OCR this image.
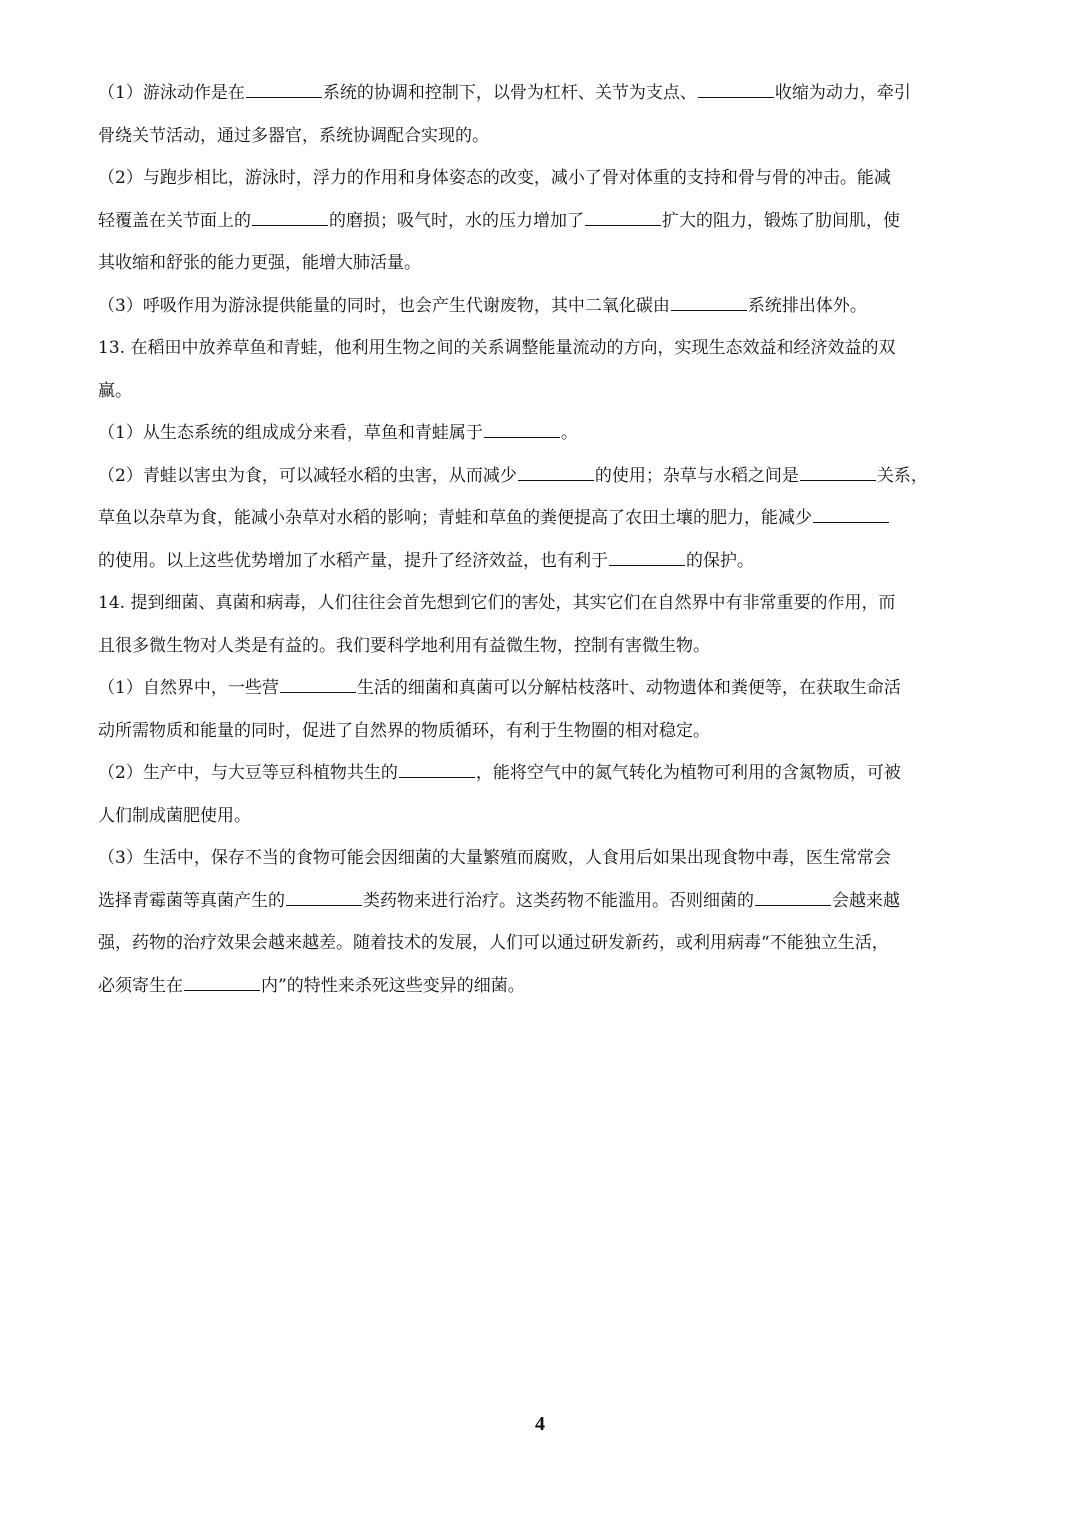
（1）游泳动作是在	系统的协调和控制下，以骨为杠杆、关节为支点、	收缩为动力，牵引
骨绕关节活动，通过多器官，系统协调配合实现的。
（2）与跑步相比，游泳时，浮力的作用和身体姿态的改变，减小了骨对体重的支持和骨与骨的冲击。能减
轻覆盖在关节面上的	的磨损；吸气时，水的压力增加了	扩大的阻力，锻炼了肋间肌，使
其收缩和舒张的能力更强，能增大肺活量。
（3）呼吸作用为游泳提供能量的同时，也会产生代谢废物，其中二氧化碳由	系统排出体外。
13. 在稻田中放养草鱼和青蛙，他利用生物之间的关系调整能量流动的方向，实现生态效益和经济效益的双
赢。
（1）从生态系统的组成成分来看，草鱼和青蛙属于	。
（2）青蛙以害虫为食，可以减轻水稻的虫害，从而减少	的使用；杂草与水稻之间是	关系，
草鱼以杂草为食，能减小杂草对水稻的影响；青蛙和草鱼的粪便提高了农田土壤的肥力，能减少
的使用。以上这些优势增加了水稻产量，提升了经济效益，也有利于	的保护。
14. 提到细菌、真菌和病毒，人们往往会首先想到它们的害处，其实它们在自然界中有非常重要的作用，而
且很多微生物对人类是有益的。我们要科学地利用有益微生物，控制有害微生物。
（1）自然界中，一些营	生活的细菌和真菌可以分解枯枝落叶、动物遗体和粪便等，在获取生命活
动所需物质和能量的同时，促进了自然界的物质循环，有利于生物圈的相对稳定。
（2）生产中，与大豆等豆科植物共生的	，能将空气中的氮气转化为植物可利用的含氮物质，可被
人们制成菌肥使用。
（3）生活中，保存不当的食物可能会因细菌的大量繁殖而腐败，人食用后如果出现食物中毒，医生常常会
选择青霉菌等真菌产生的	类药物来进行治疗。这类药物不能滥用。否则细菌的	会越来越
强，药物的治疗效果会越来越差。随着技术的发展，人们可以通过研发新药，或利用病毒“不能独立生活，
必须寄生在	内”的特性来杀死这些变异的细菌。
4
